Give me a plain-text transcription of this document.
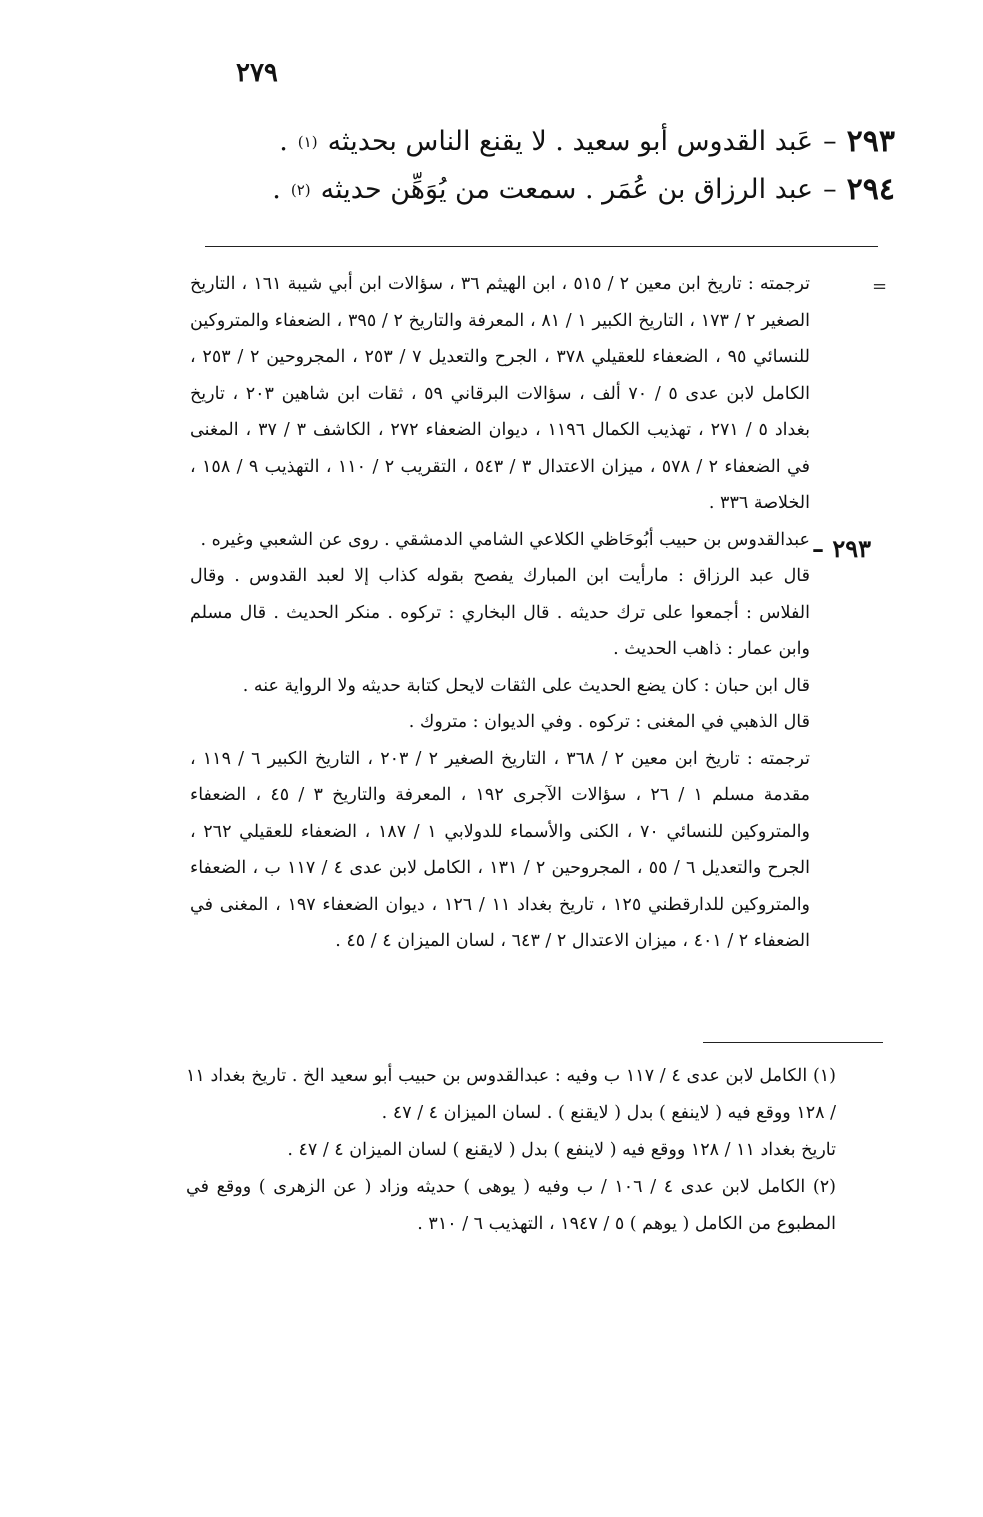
٢٧٩
٢٩٣
–
عَبد القدوس أبو سعيد . لا يقنع الناس بحديثه
(١)
.
٢٩٤
–
عبد الرزاق بن عُمَر . سمعت من يُوَهِّن حديثه
(٢)
.
=

ترجمته : تاريخ ابن معين ٢ / ٥١٥ ، ابن الهيثم ٣٦ ، سؤالات ابن أبي شيبة ١٦١ ، التاريخ الصغير ٢ / ١٧٣ ، التاريخ الكبير ١ / ٨١ ، المعرفة والتاريخ ٢ / ٣٩٥ ، الضعفاء والمتروكين للنسائي ٩٥ ، الضعفاء للعقيلي ٣٧٨ ، الجرح والتعديل ٧ / ٢٥٣ ، المجروحين ٢ / ٢٥٣ ، الكامل لابن عدى ٥ / ٧٠ ألف ، سؤالات البرقاني ٥٩ ، ثقات ابن شاهين ٢٠٣ ، تاريخ بغداد ٥ / ٢٧١ ، تهذيب الكمال ١١٩٦ ، ديوان الضعفاء ٢٧٢ ، الكاشف ٣ / ٣٧ ، المغنى في الضعفاء ٢ / ٥٧٨ ، ميزان الاعتدال ٣ / ٥٤٣ ، التقريب ٢ / ١١٠ ، التهذيب ٩ / ١٥٨ ، الخلاصة ٣٣٦ .

عبدالقدوس بن حبيب أبُوحَاظي الكلاعي الشامي الدمشقي . روى عن الشعبي وغيره .

قال عبد الرزاق : مارأيت ابن المبارك يفصح بقوله كذاب إلا لعبد القدوس . وقال الفلاس : أجمعوا على ترك حديثه . قال البخاري : تركوه . منكر الحديث . قال مسلم وابن عمار : ذاهب الحديث .

قال ابن حبان : كان يضع الحديث على الثقات لايحل كتابة حديثه ولا الرواية عنه .

قال الذهبي في المغنى : تركوه . وفي الديوان : متروك .

ترجمته : تاريخ ابن معين ٢ / ٣٦٨ ، التاريخ الصغير ٢ / ٢٠٣ ، التاريخ الكبير ٦ / ١١٩ ، مقدمة مسلم ١ / ٢٦ ، سؤالات الآجرى ١٩٢ ، المعرفة والتاريخ ٣ / ٤٥ ، الضعفاء والمتروكين للنسائي ٧٠ ، الكنى والأسماء للدولابي ١ / ١٨٧ ، الضعفاء للعقيلي ٢٦٢ ، الجرح والتعديل ٦ / ٥٥ ، المجروحين ٢ / ١٣١ ، الكامل لابن عدى ٤ / ١١٧ ب ، الضعفاء والمتروكين للدارقطني ١٢٥ ، تاريخ بغداد ١١ / ١٢٦ ، ديوان الضعفاء ١٩٧ ، المغنى في الضعفاء ٢ / ٤٠١ ، ميزان الاعتدال ٢ / ٦٤٣ ، لسان الميزان ٤ / ٤٥ .

٢٩٣ –

(١) الكامل لابن عدى ٤ / ١١٧ ب وفيه : عبدالقدوس بن حبيب أبو سعيد الخ . تاريخ بغداد ١١ / ١٢٨ ووقع فيه ( لاينفع ) بدل ( لايقنع ) . لسان الميزان ٤ / ٤٧ .

تاريخ بغداد ١١ / ١٢٨ ووقع فيه ( لاينفع ) بدل ( لايقنع ) لسان الميزان ٤ / ٤٧ .

(٢) الكامل لابن عدى ٤ / ١٠٦ / ب وفيه ( يوهى ) حديثه وزاد ( عن الزهرى ) ووقع في المطبوع من الكامل ( يوهم ) ٥ / ١٩٤٧ ، التهذيب ٦ / ٣١٠ .
